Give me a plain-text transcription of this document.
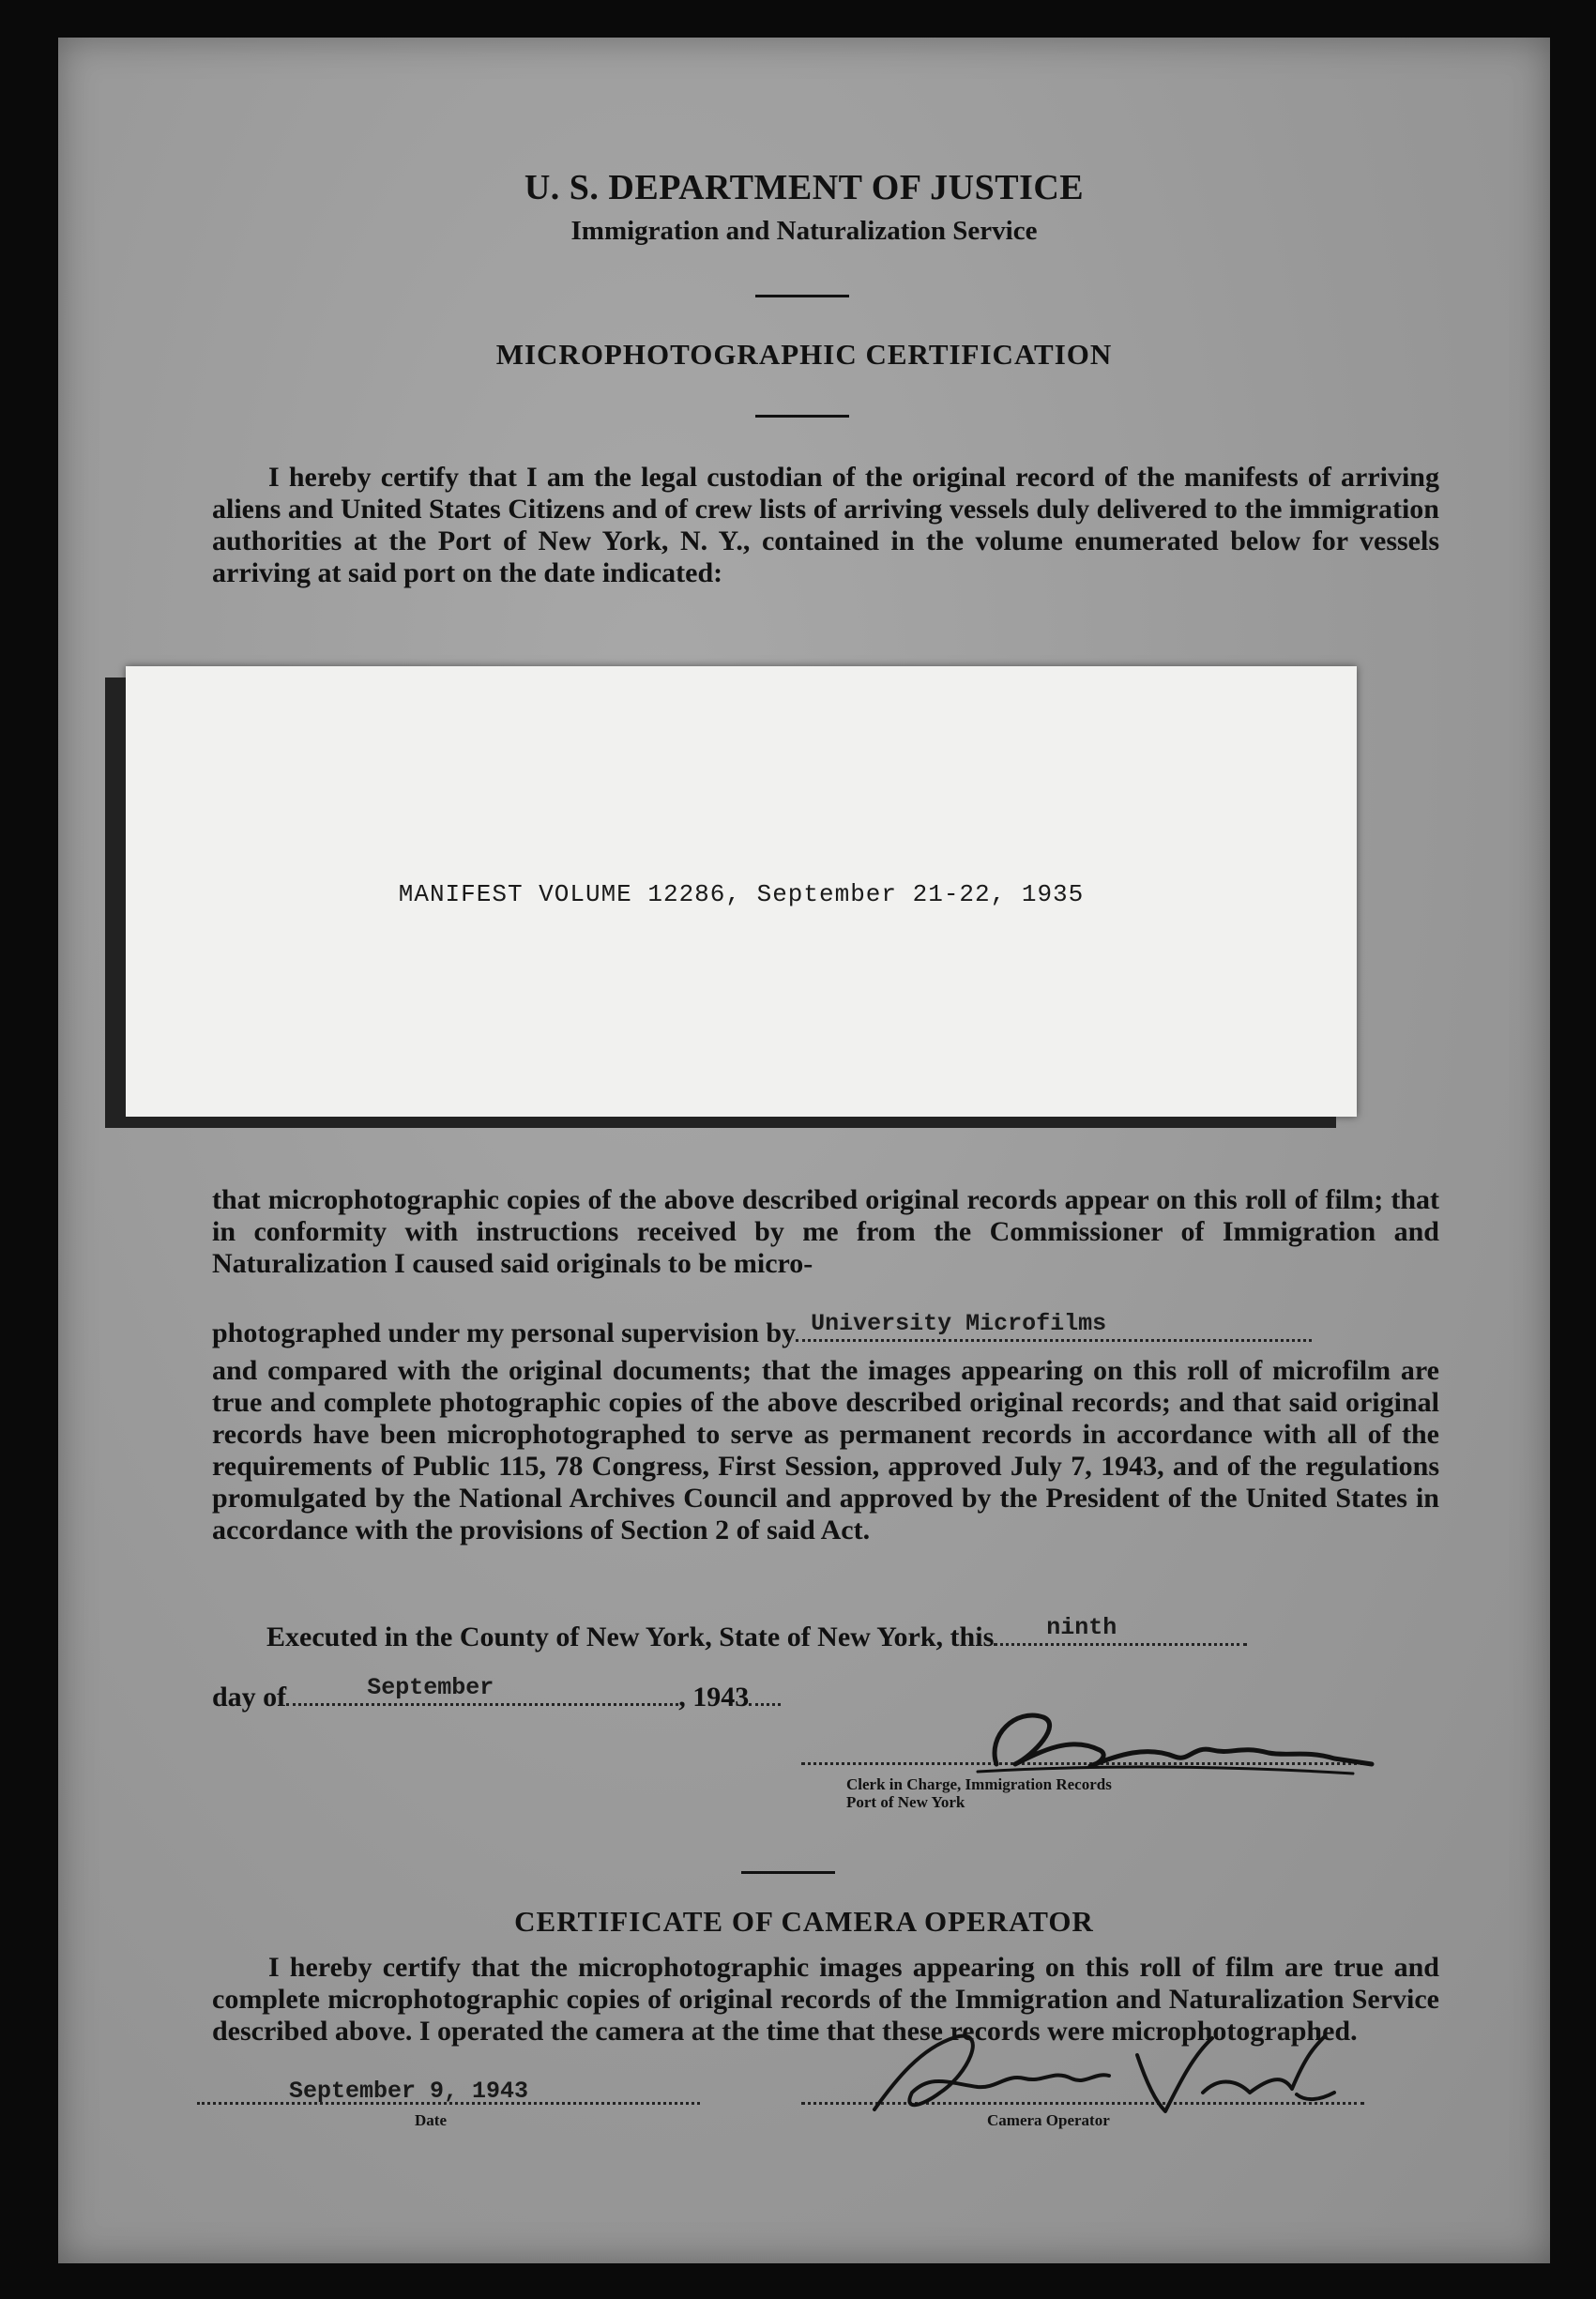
U. S. DEPARTMENT OF JUSTICE
Immigration and Naturalization Service
MICROPHOTOGRAPHIC CERTIFICATION
I hereby certify that I am the legal custodian of the original record of the manifests of arriving aliens and United States Citizens and of crew lists of arriving vessels duly delivered to the immigration authorities at the Port of New York, N. Y., contained in the volume enumerated below for vessels arriving at said port on the date indicated:
MANIFEST VOLUME 12286, September 21-22, 1935
that microphotographic copies of the above described original records appear on this roll of film; that in conformity with instructions received by me from the Commissioner of Immigration and Naturalization I caused said originals to be micro-
photographed under my personal supervision by University Microfilms
and compared with the original documents; that the images appearing on this roll of microfilm are true and complete photographic copies of the above described original records; and that said original records have been microphotographed to serve as permanent records in accordance with all of the requirements of Public 115, 78 Congress, First Session, approved July 7, 1943, and of the regulations promulgated by the National Archives Council and approved by the President of the United States in accordance with the provisions of Section 2 of said Act.
Executed in the County of New York, State of New York, this ninth
day of	September	, 1943
Clerk in Charge, Immigration Records
Port of New York
CERTIFICATE OF CAMERA OPERATOR
I hereby certify that the microphotographic images appearing on this roll of film are true and complete microphotographic copies of original records of the Immigration and Naturalization Service described above. I operated the camera at the time that these records were microphotographed.
September 9, 1943
Date	Camera Operator
